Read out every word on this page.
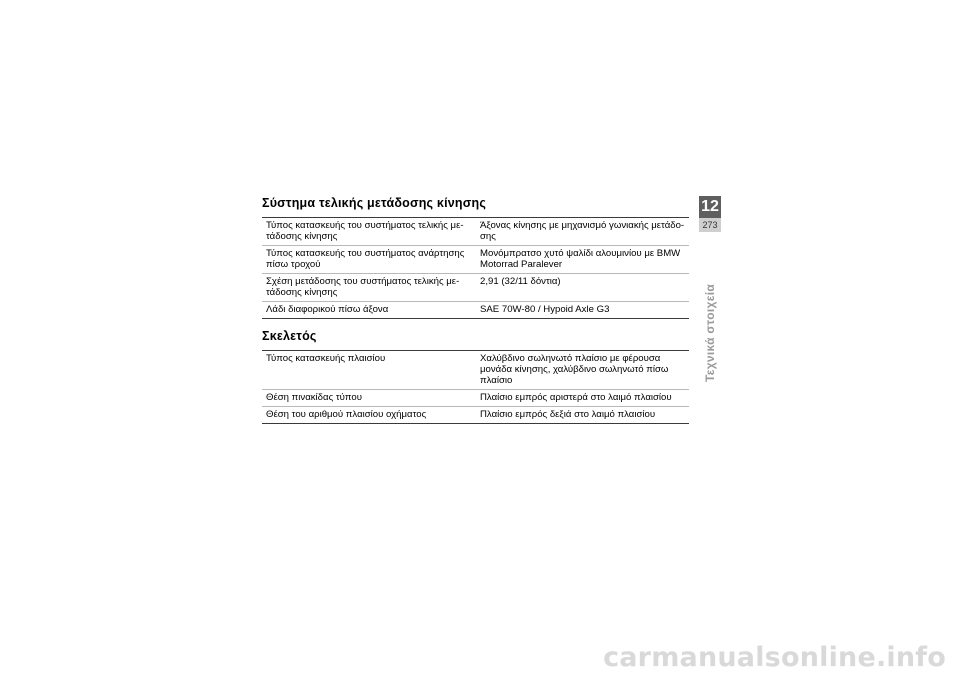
Σύστημα τελικής μετάδοσης κίνησης
Τύπος κατασκευής του συστήματος τελικής με-τάδοσης κίνησης	Άξονας κίνησης με μηχανισμό γωνιακής μετάδο-σης
Τύπος κατασκευής του συστήματος ανάρτησης πίσω τροχού	Μονόμπρατσο χυτό ψαλίδι αλουμινίου με BMW Motorrad Paralever
Σχέση μετάδοσης του συστήματος τελικής με-τάδοσης κίνησης	2,91 (32/11 δόντια)
Λάδι διαφορικού πίσω άξονα	SAE 70W-80 / Hypoid Axle G3
Σκελετός
Τύπος κατασκευής πλαισίου	Χαλύβδινο σωληνωτό πλαίσιο με φέρουσα μονάδα κίνησης, χαλύβδινο σωληνωτό πίσω πλαίσιο
Θέση πινακίδας τύπου	Πλαίσιο εμπρός αριστερά στο λαιμό πλαισίου
Θέση του αριθμού πλαισίου οχήματος	Πλαίσιο εμπρός δεξιά στο λαιμό πλαισίου
12
273
Τεχνικά στοιχεία
carmanualsonline.info
